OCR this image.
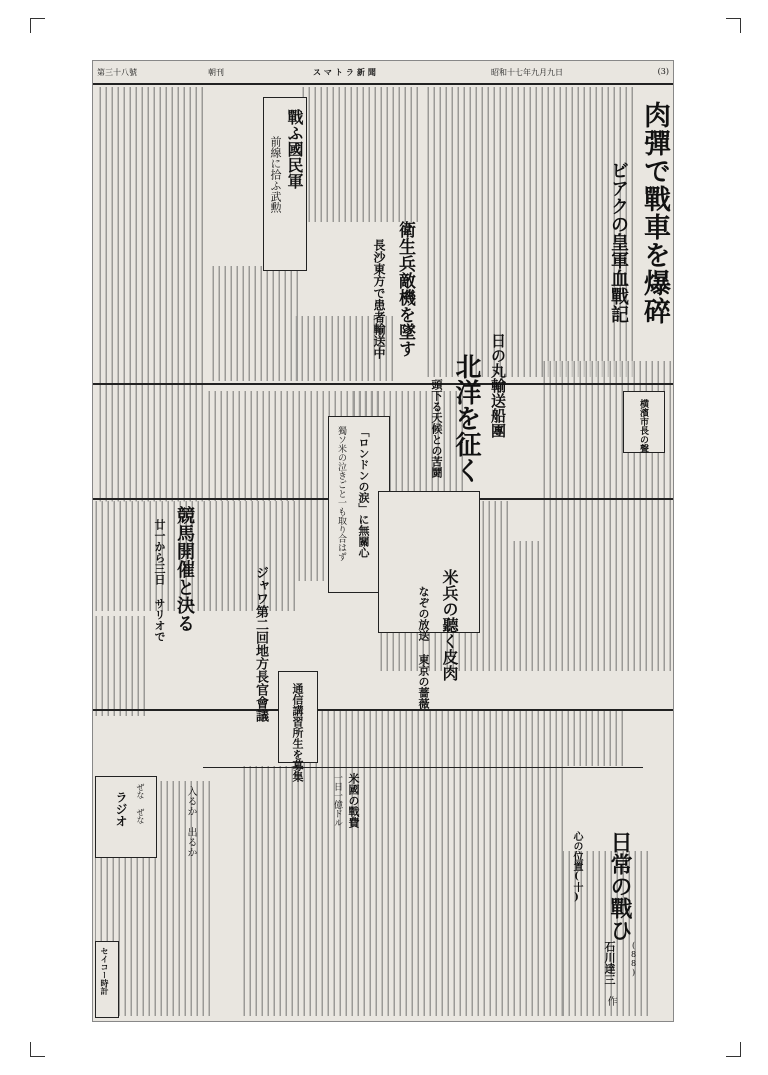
(3)
昭和十七年九月九日
スマトラ新聞
朝刊
第三十八號
肉彈で戰車を爆碎
ビアクの皇軍血戰記
衛生兵敵機を墜す
長沙東方で患者輸送中
戰ふ國民軍
前線に拾ふ武勲
日の丸輸送船團
北洋を征く
頭下る天候との苦鬪
「ロンドンの涙」に無關心
獨ソ米の泣きごと一も取り合はず
競馬開催と決る
廿一から三日 サリオで	ジャワ第二回地方長官會議	米兵の聽く皮肉
なぞの放送 東京の薔薇
通信講習所生を募集
米國の戰費
一日一億ドル
日常の戰ひ
石川達三
作
心の位置(十)
(88)
ぜな ぜな
ラジオ	入るか 出るか
横濱市長の聲
セイコー時計
